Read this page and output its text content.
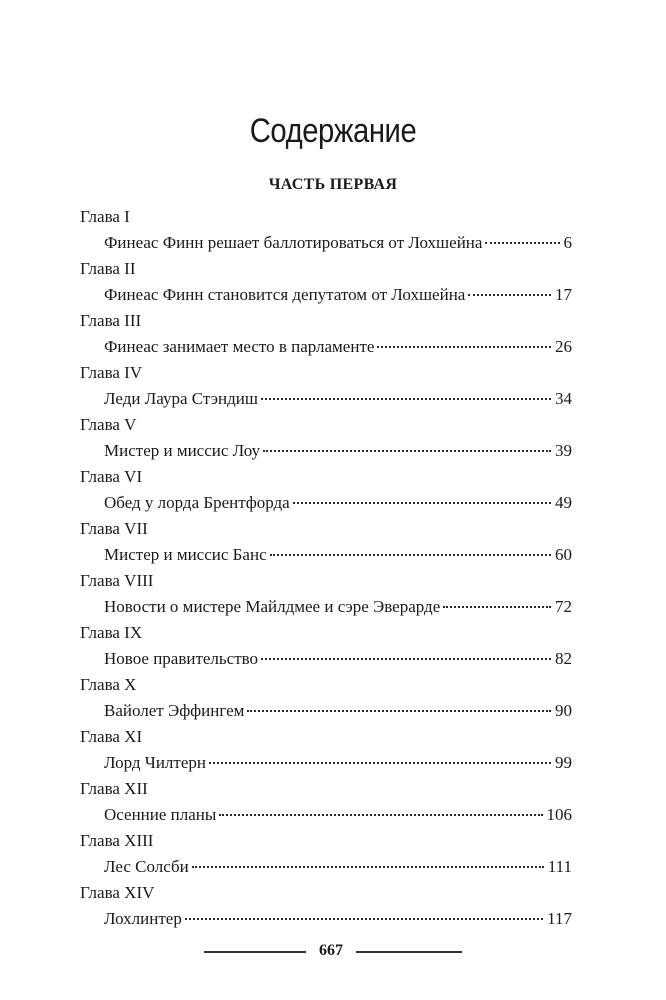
Содержание
ЧАСТЬ ПЕРВАЯ
Глава I
Финеас Финн решает баллотироваться от Лохшейна	6
Глава II
Финеас Финн становится депутатом от Лохшейна	17
Глава III
Финеас занимает место в парламенте	26
Глава IV
Леди Лаура Стэндиш	34
Глава V
Мистер и миссис Лоу	39
Глава VI
Обед у лорда Брентфорда	49
Глава VII
Мистер и миссис Банс	60
Глава VIII
Новости о мистере Майлдмее и сэре Эверарде	72
Глава IX
Новое правительство	82
Глава X
Вайолет Эффингем	90
Глава XI
Лорд Чилтерн	99
Глава XII
Осенние планы	106
Глава XIII
Лес Солсби	111
Глава XIV
Лохлинтер	117
667
